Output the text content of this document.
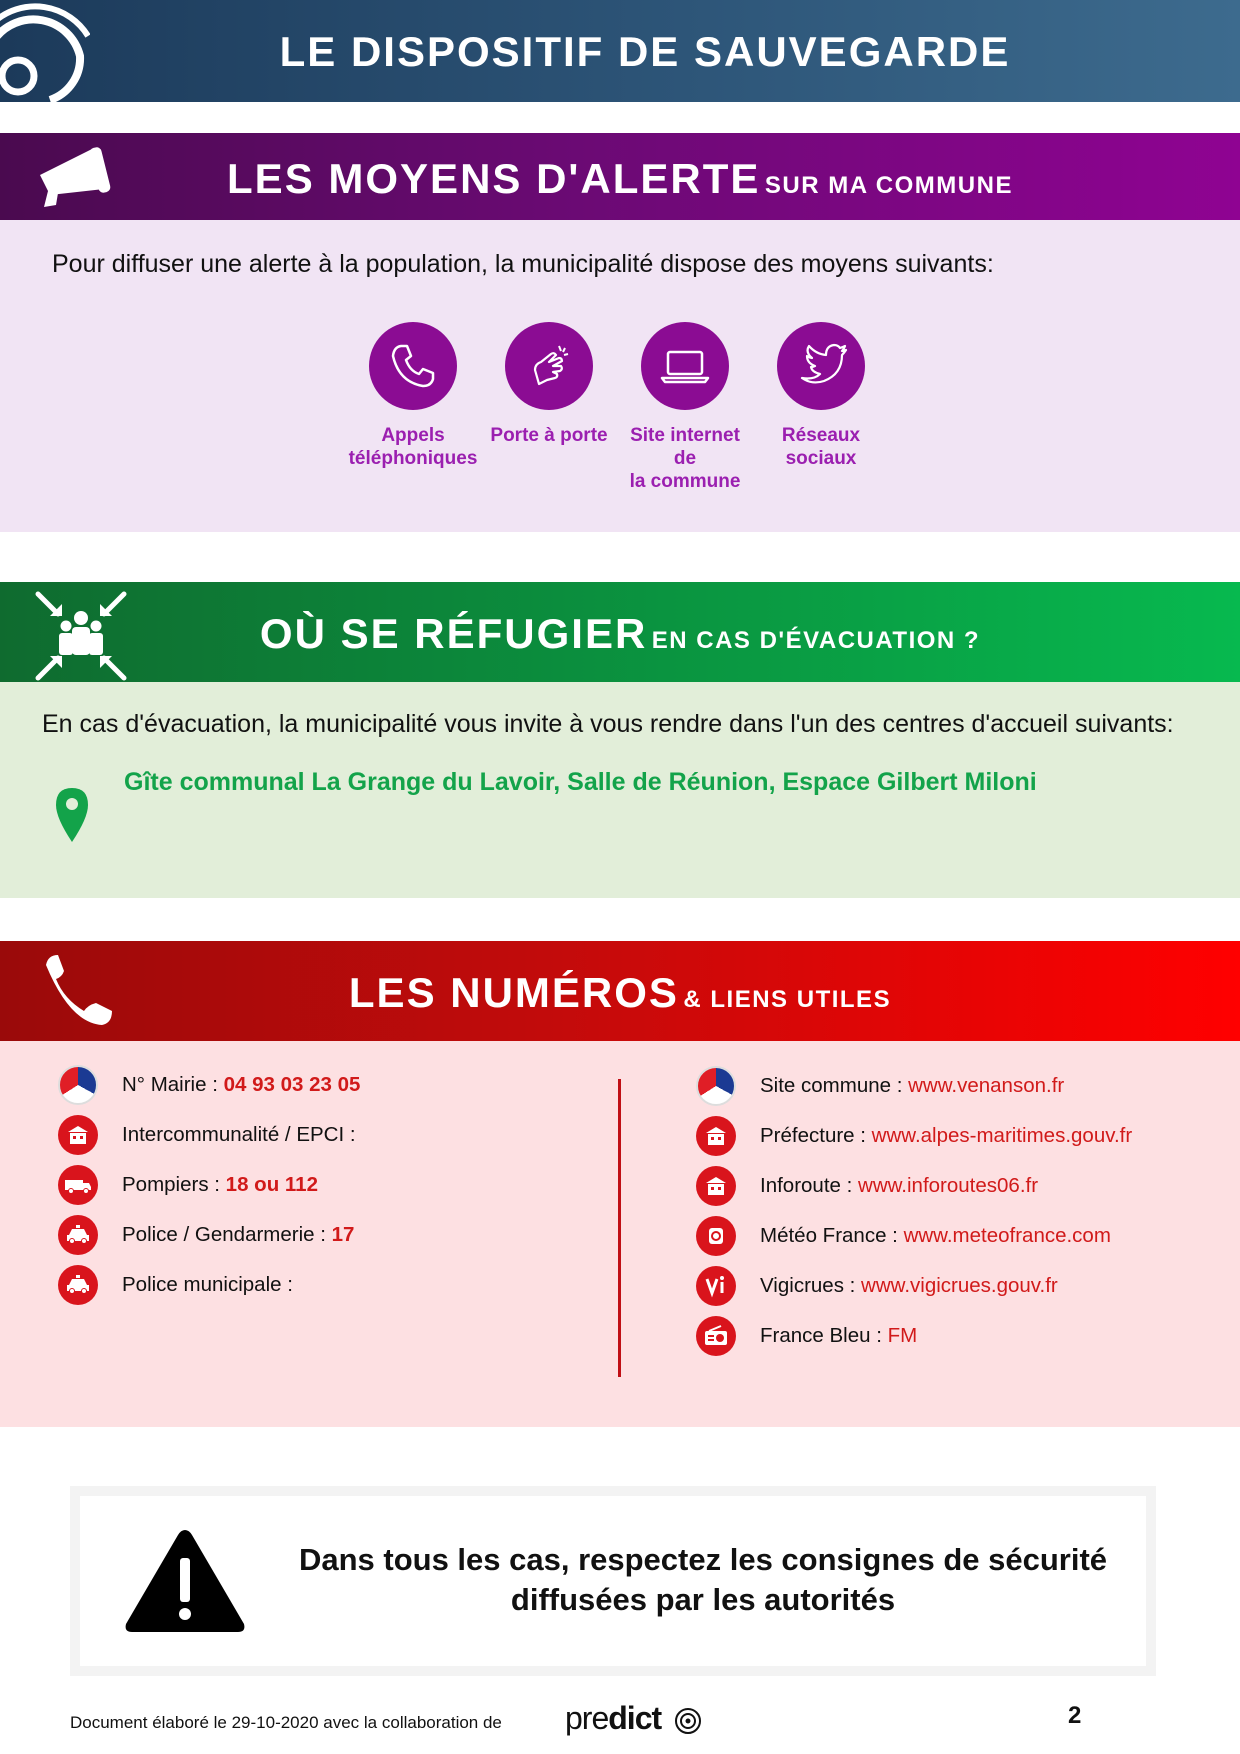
LE DISPOSITIF DE SAUVEGARDE
LES MOYENS D'ALERTE SUR MA COMMUNE
Pour diffuser une alerte à la population, la municipalité dispose des moyens suivants:
Appels
téléphoniques
Porte à porte	Site internet de
la commune
Réseaux
sociaux
OÙ SE RÉFUGIER EN CAS D'ÉVACUATION ?
En cas d'évacuation, la municipalité vous invite à vous rendre dans l'un des centres d'accueil suivants:
Gîte communal La Grange du Lavoir, Salle de Réunion, Espace Gilbert Miloni
LES NUMÉROS & LIENS UTILES
N° Mairie : 04 93 03 23 05
Intercommunalité / EPCI :
Pompiers : 18 ou 112
Police / Gendarmerie : 17
Police municipale :
Site commune : www.venanson.fr
Préfecture : www.alpes-maritimes.gouv.fr
Inforoute : www.inforoutes06.fr
Météo France : www.meteofrance.com
Vigicrues : www.vigicrues.gouv.fr
France Bleu : FM
Dans tous les cas, respectez les consignes de sécurité
diffusées par les autorités
Document élaboré le 29-10-2020 avec la collaboration de predict	2
